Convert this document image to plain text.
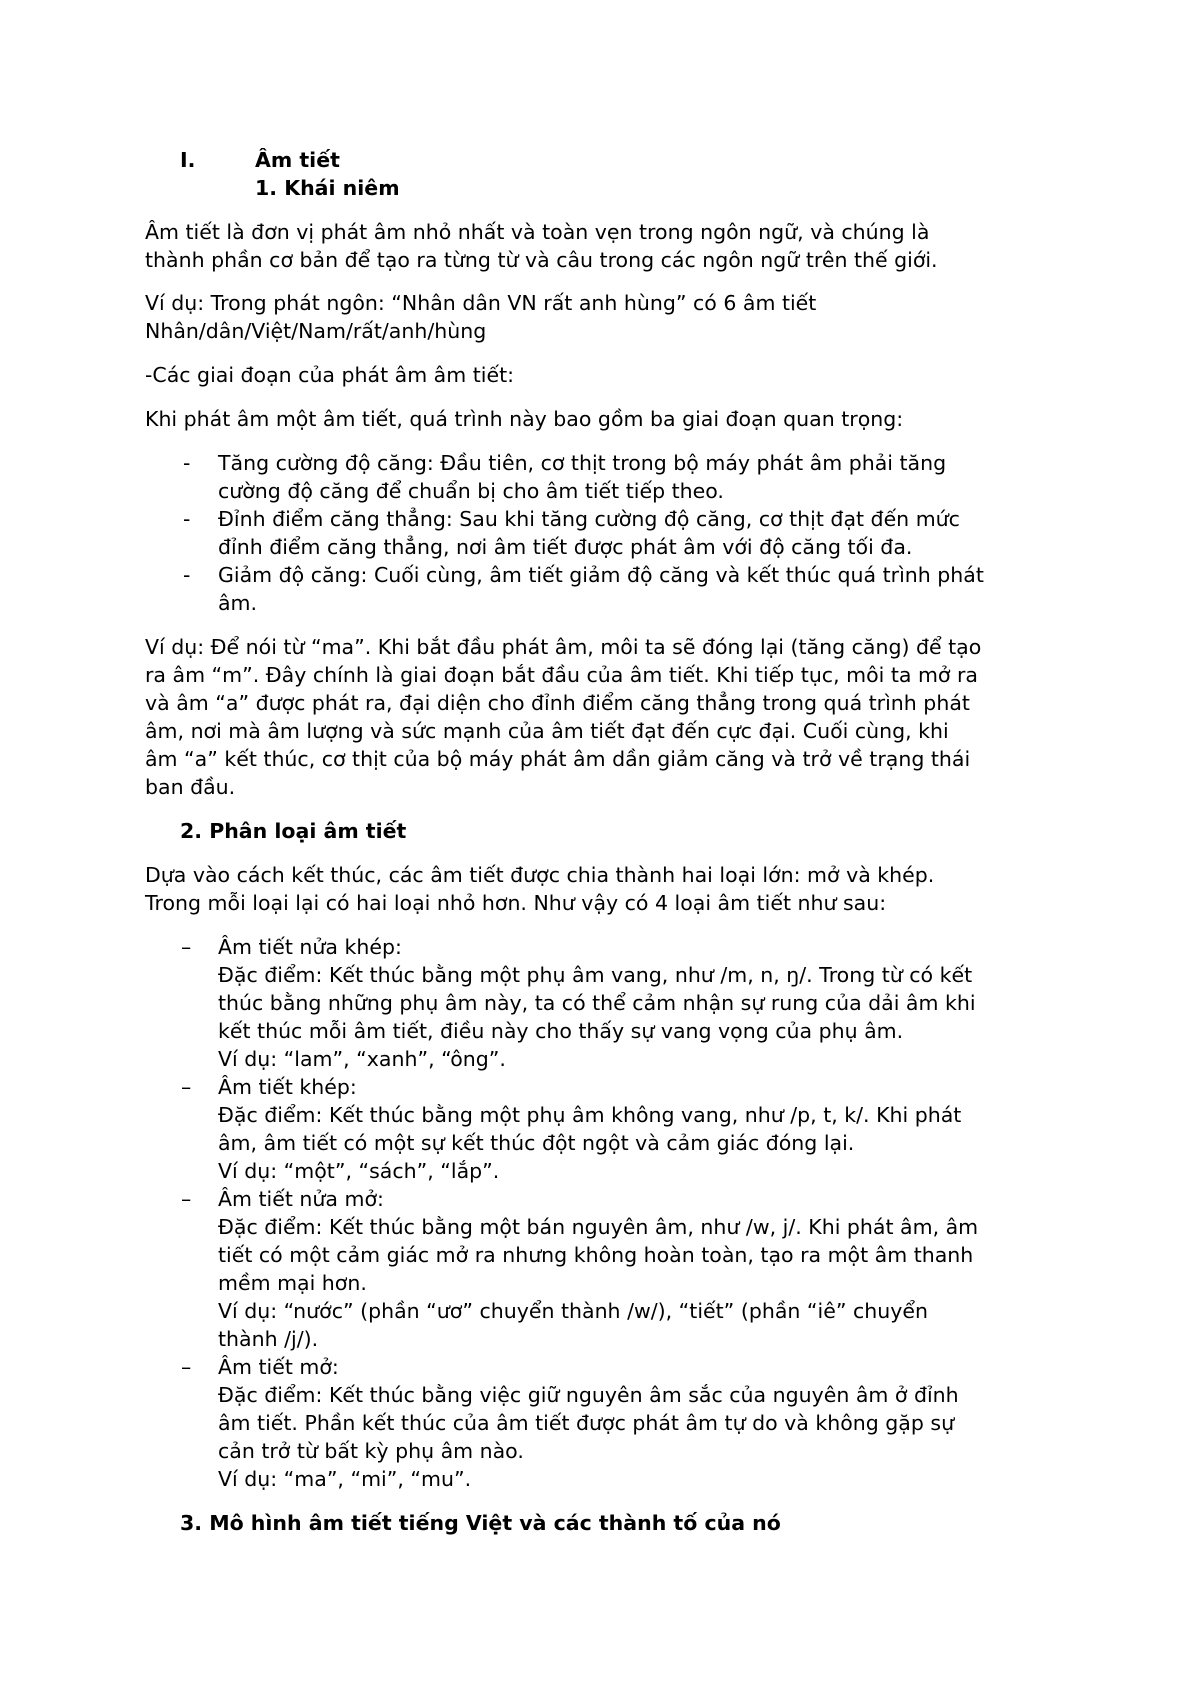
I.	Âm tiết
1. Khái niêm
Âm tiết là đơn vị phát âm nhỏ nhất và toàn vẹn trong ngôn ngữ, và chúng là
thành phần cơ bản để tạo ra từng từ và câu trong các ngôn ngữ trên thế giới.
Ví dụ: Trong phát ngôn: “Nhân dân VN rất anh hùng” có 6 âm tiết
Nhân/dân/Việt/Nam/rất/anh/hùng
-Các giai đoạn của phát âm âm tiết:
Khi phát âm một âm tiết, quá trình này bao gồm ba giai đoạn quan trọng:
- Tăng cường độ căng: Đầu tiên, cơ thịt trong bộ máy phát âm phải tăng
cường độ căng để chuẩn bị cho âm tiết tiếp theo.
- Đỉnh điểm căng thẳng: Sau khi tăng cường độ căng, cơ thịt đạt đến mức
đỉnh điểm căng thẳng, nơi âm tiết được phát âm với độ căng tối đa.
- Giảm độ căng: Cuối cùng, âm tiết giảm độ căng và kết thúc quá trình phát
âm.
Ví dụ: Để nói từ “ma”. Khi bắt đầu phát âm, môi ta sẽ đóng lại (tăng căng) để tạo
ra âm “m”. Đây chính là giai đoạn bắt đầu của âm tiết. Khi tiếp tục, môi ta mở ra
và âm “a” được phát ra, đại diện cho đỉnh điểm căng thẳng trong quá trình phát
âm, nơi mà âm lượng và sức mạnh của âm tiết đạt đến cực đại. Cuối cùng, khi
âm “a” kết thúc, cơ thịt của bộ máy phát âm dần giảm căng và trở về trạng thái
ban đầu.
2. Phân loại âm tiết
Dựa vào cách kết thúc, các âm tiết được chia thành hai loại lớn: mở và khép.
Trong mỗi loại lại có hai loại nhỏ hơn. Như vậy có 4 loại âm tiết như sau:
– Âm tiết nửa khép:
Đặc điểm: Kết thúc bằng một phụ âm vang, như /m, n, ŋ/. Trong từ có kết
thúc bằng những phụ âm này, ta có thể cảm nhận sự rung của dải âm khi
kết thúc mỗi âm tiết, điều này cho thấy sự vang vọng của phụ âm.
Ví dụ: “lam”, “xanh”, “ông”.
– Âm tiết khép:
Đặc điểm: Kết thúc bằng một phụ âm không vang, như /p, t, k/. Khi phát
âm, âm tiết có một sự kết thúc đột ngột và cảm giác đóng lại.
Ví dụ: “một”, “sách”, “lắp”.
– Âm tiết nửa mở:
Đặc điểm: Kết thúc bằng một bán nguyên âm, như /w, j/. Khi phát âm, âm
tiết có một cảm giác mở ra nhưng không hoàn toàn, tạo ra một âm thanh
mềm mại hơn.
Ví dụ: “nước” (phần “ươ” chuyển thành /w/), “tiết” (phần “iê” chuyển
thành /j/).
– Âm tiết mở:
Đặc điểm: Kết thúc bằng việc giữ nguyên âm sắc của nguyên âm ở đỉnh
âm tiết. Phần kết thúc của âm tiết được phát âm tự do và không gặp sự
cản trở từ bất kỳ phụ âm nào.
Ví dụ: “ma”, “mi”, “mu”.
3. Mô hình âm tiết tiếng Việt và các thành tố của nó
